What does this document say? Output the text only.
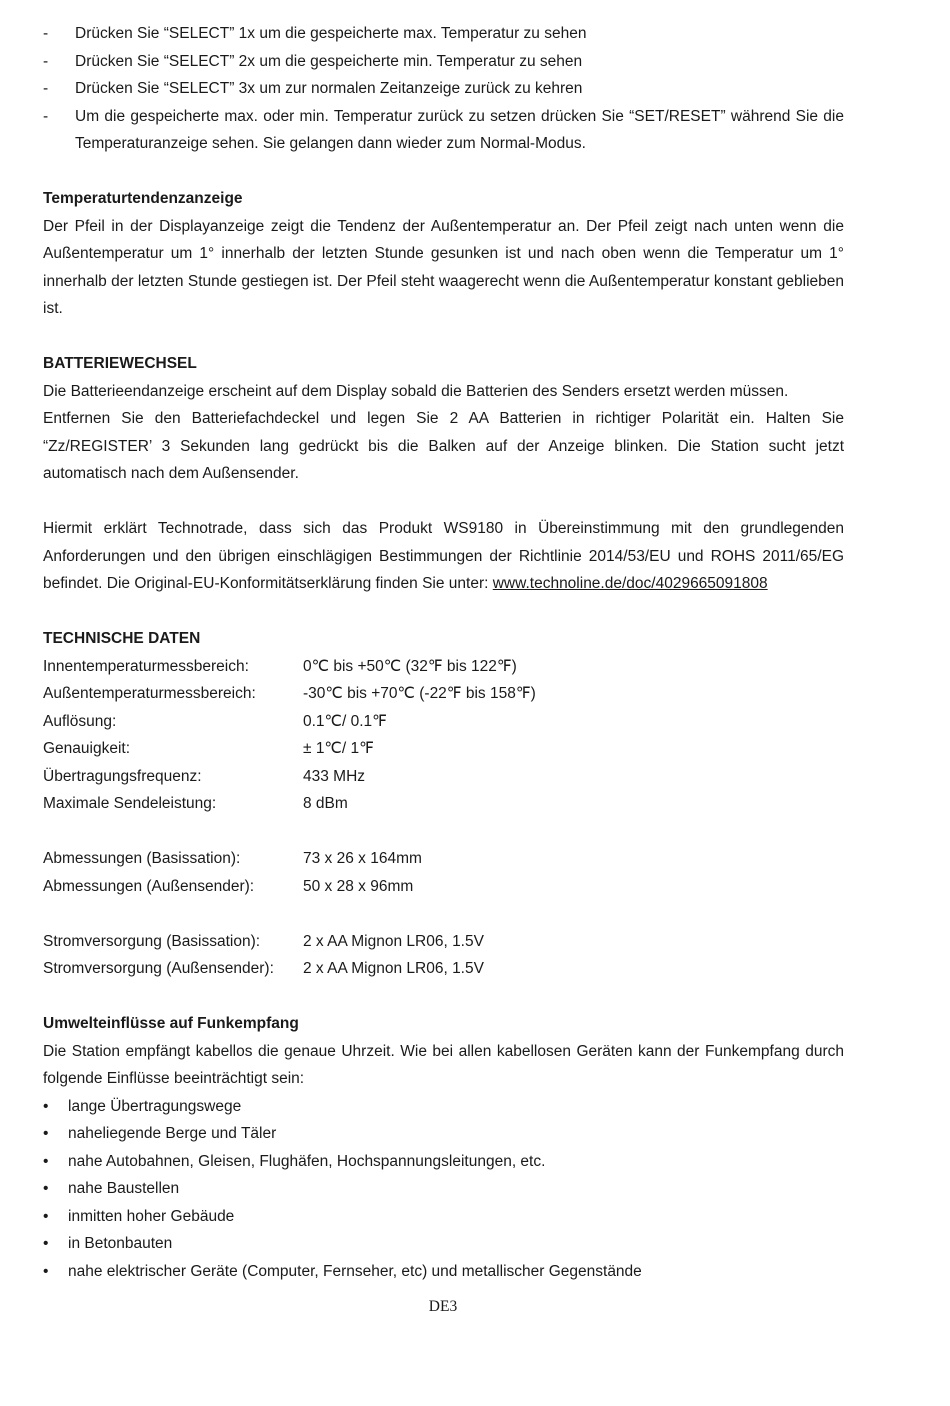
- Drücken Sie “SELECT” 1x um die gespeicherte max. Temperatur zu sehen
- Drücken Sie “SELECT” 2x um die gespeicherte min. Temperatur zu sehen
- Drücken Sie “SELECT” 3x um zur normalen Zeitanzeige zurück zu kehren
- Um die gespeicherte max. oder min. Temperatur zurück zu setzen drücken Sie “SET/RESET” während Sie die Temperaturanzeige sehen. Sie gelangen dann wieder zum Normal-Modus.
Temperaturtendenzanzeige

Der Pfeil in der Displayanzeige zeigt die Tendenz der Außentemperatur an. Der Pfeil zeigt nach unten wenn die Außentemperatur um 1° innerhalb der letzten Stunde gesunken ist und nach oben wenn die Temperatur um 1° innerhalb der letzten Stunde gestiegen ist. Der Pfeil steht waagerecht wenn die Außentemperatur konstant geblieben ist.

BATTERIEWECHSEL

Die Batterieendanzeige erscheint auf dem Display sobald die Batterien des Senders ersetzt werden müssen.

Entfernen Sie den Batteriefachdeckel und legen Sie 2 AA Batterien in richtiger Polarität ein. Halten Sie “Zz/REGISTER’ 3 Sekunden lang gedrückt bis die Balken auf der Anzeige blinken. Die Station sucht jetzt automatisch nach dem Außensender.

Hiermit erklärt Technotrade, dass sich das Produkt WS9180 in Übereinstimmung mit den grundlegenden Anforderungen und den übrigen einschlägigen Bestimmungen der Richtlinie 2014/53/EU und ROHS 2011/65/EG befindet. Die Original-EU-Konformitätserklärung finden Sie unter: www.technoline.de/doc/4029665091808

TECHNISCHE DATEN
Innentemperaturmessbereich:	0℃ bis +50℃ (32℉ bis 122℉)
Außentemperaturmessbereich:	-30℃ bis +70℃ (-22℉ bis 158℉)
Auflösung:	0.1℃/ 0.1℉
Genauigkeit:	± 1℃/ 1℉
Übertragungsfrequenz:	433 MHz
Maximale Sendeleistung:	8 dBm
Abmessungen (Basissation):	73 x 26 x 164mm
Abmessungen (Außensender):	50 x 28 x 96mm
Stromversorgung (Basissation):	2 x AA Mignon LR06, 1.5V
Stromversorgung (Außensender):	2 x AA Mignon LR06, 1.5V
Umwelteinflüsse auf Funkempfang

Die Station empfängt kabellos die genaue Uhrzeit. Wie bei allen kabellosen Geräten kann der Funkempfang durch folgende Einflüsse beeinträchtigt sein:

• lange Übertragungswege
• naheliegende Berge und Täler
• nahe Autobahnen, Gleisen, Flughäfen, Hochspannungsleitungen, etc.
• nahe Baustellen
• inmitten hoher Gebäude
• in Betonbauten
• nahe elektrischer Geräte (Computer, Fernseher, etc) und metallischer Gegenstände
DE3
